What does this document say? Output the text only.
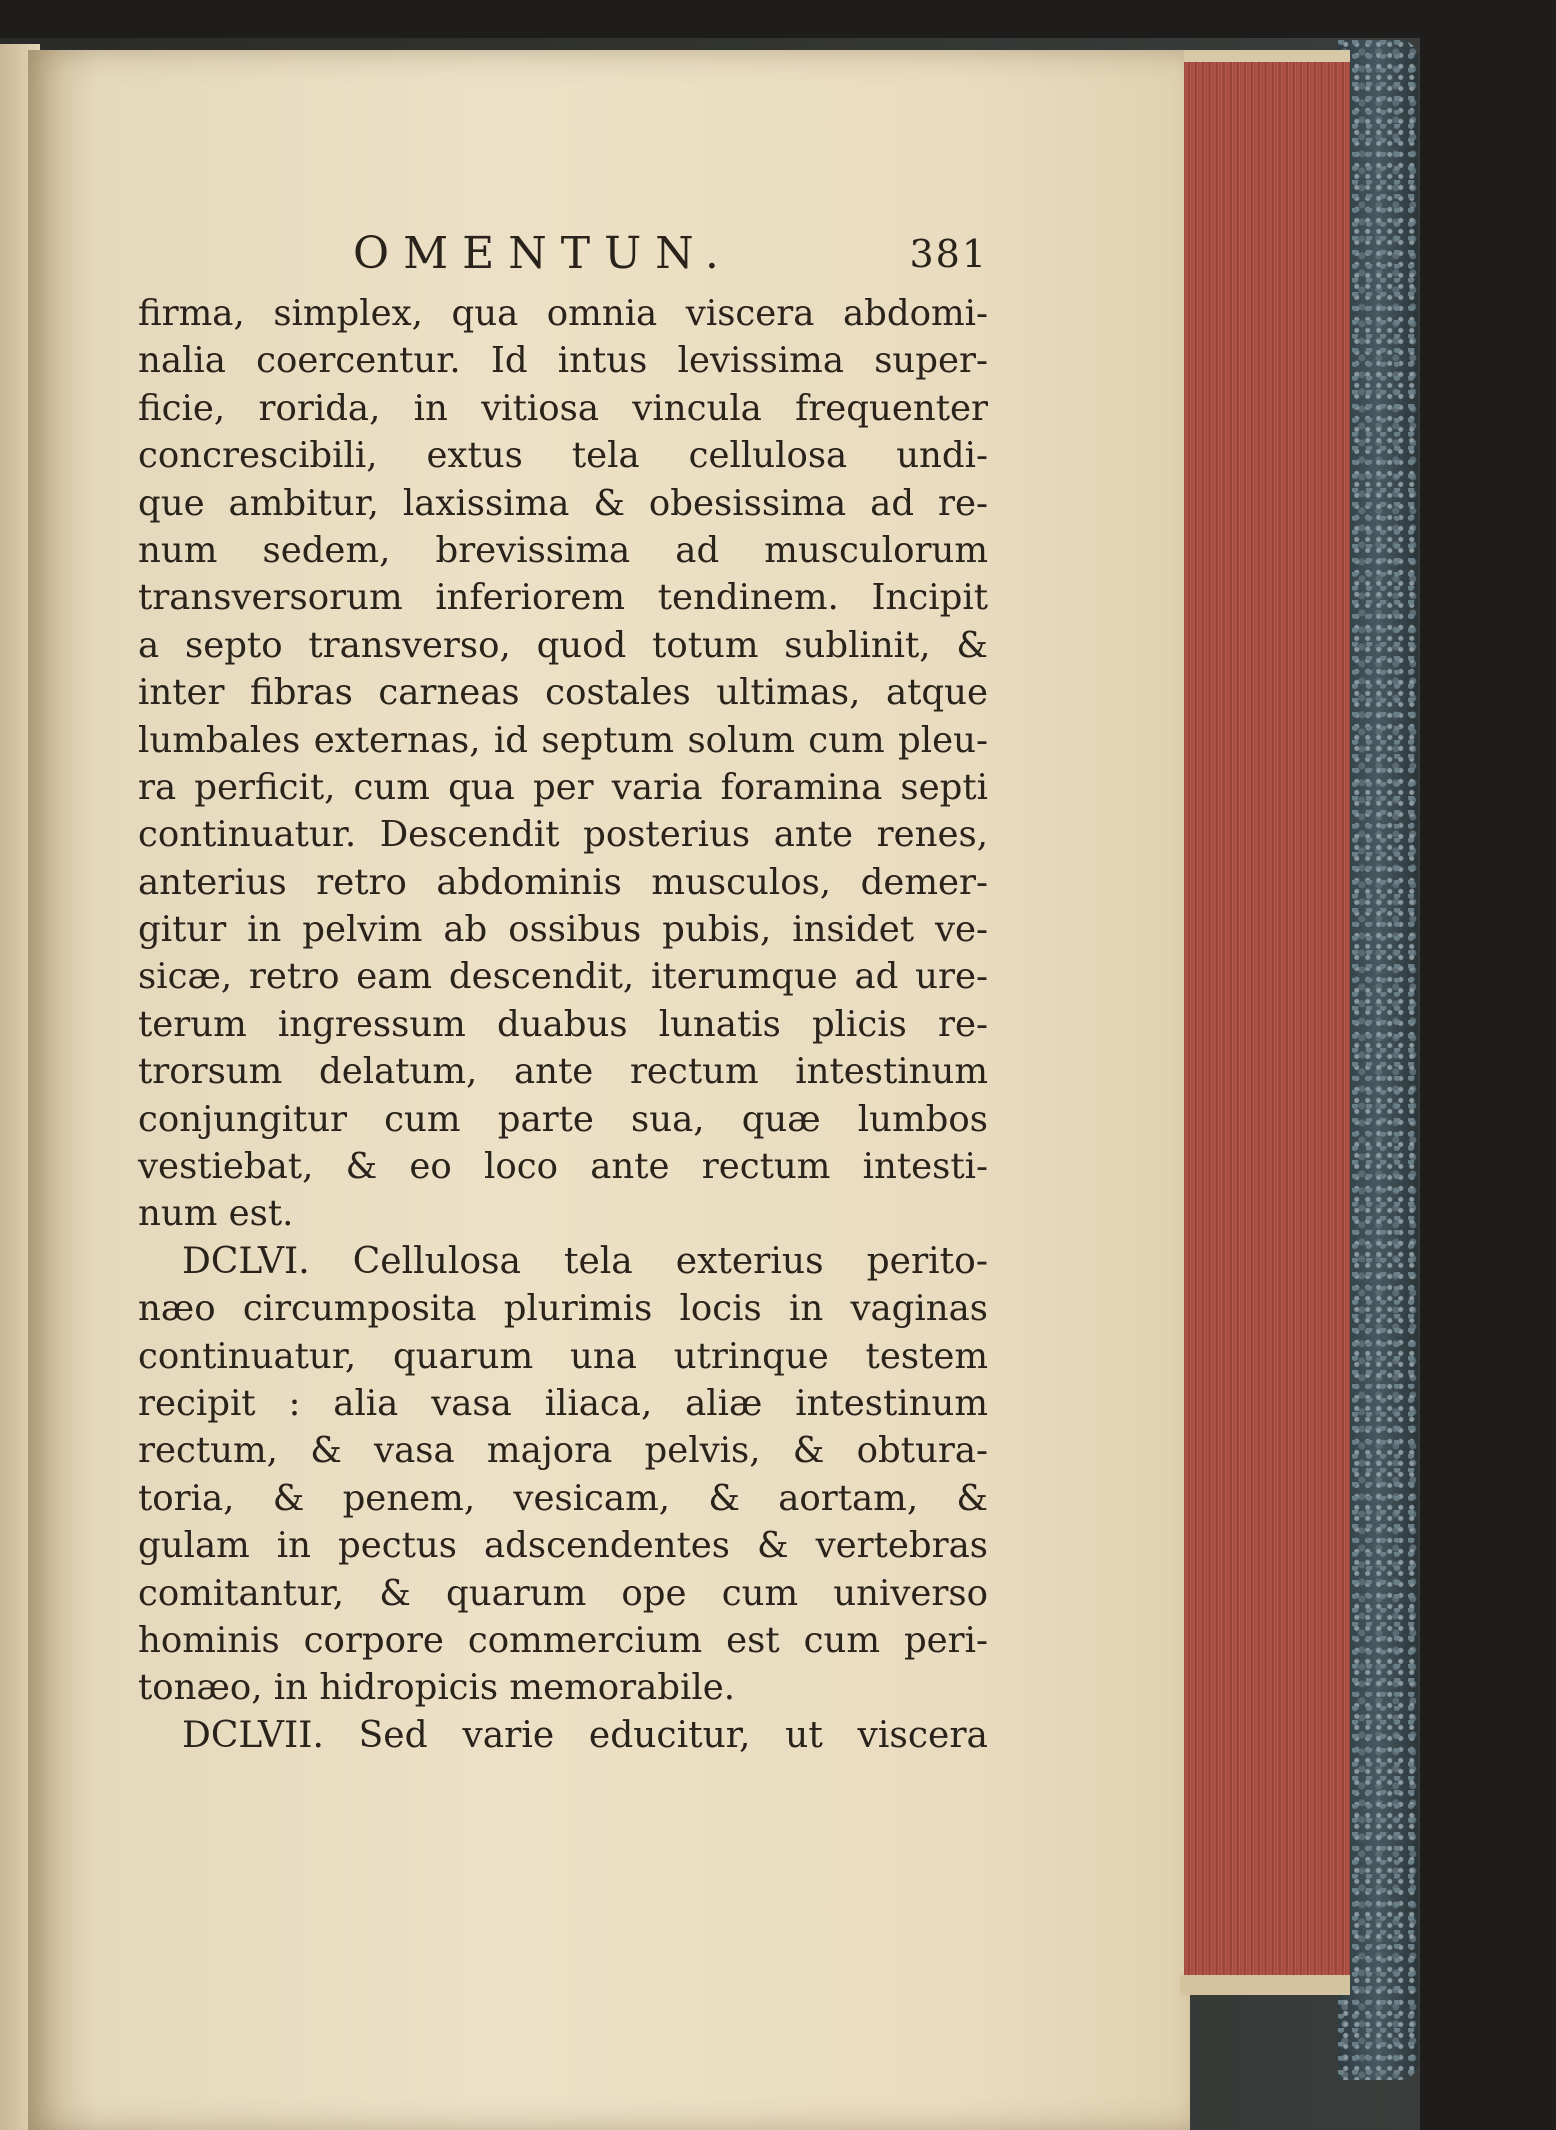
OMENTUN.	381
firma, simplex, qua omnia viscera abdomi-
nalia coercentur. Id intus levissima super-
ficie, rorida, in vitiosa vincula frequenter
concrescibili, extus tela cellulosa undi-
que ambitur, laxissima & obesissima ad re-
num sedem, brevissima ad musculorum
transversorum inferiorem tendinem. Incipit
a septo transverso, quod totum sublinit, &
inter fibras carneas costales ultimas, atque
lumbales externas, id septum solum cum pleu-
ra perficit, cum qua per varia foramina septi
continuatur. Descendit posterius ante renes,
anterius retro abdominis musculos, demer-
gitur in pelvim ab ossibus pubis, insidet ve-
sicæ, retro eam descendit, iterumque ad ure-
terum ingressum duabus lunatis plicis re-
trorsum delatum, ante rectum intestinum
conjungitur cum parte sua, quæ lumbos
vestiebat, & eo loco ante rectum intesti-
num est.
DCLVI. Cellulosa tela exterius perito-
næo circumposita plurimis locis in vaginas
continuatur, quarum una utrinque testem
recipit : alia vasa iliaca, aliæ intestinum
rectum, & vasa majora pelvis, & obtura-
toria, & penem, vesicam, & aortam, &
gulam in pectus adscendentes & vertebras
comitantur, & quarum ope cum universo
hominis corpore commercium est cum peri-
tonæo, in hidropicis memorabile.
DCLVII. Sed varie educitur, ut viscera
